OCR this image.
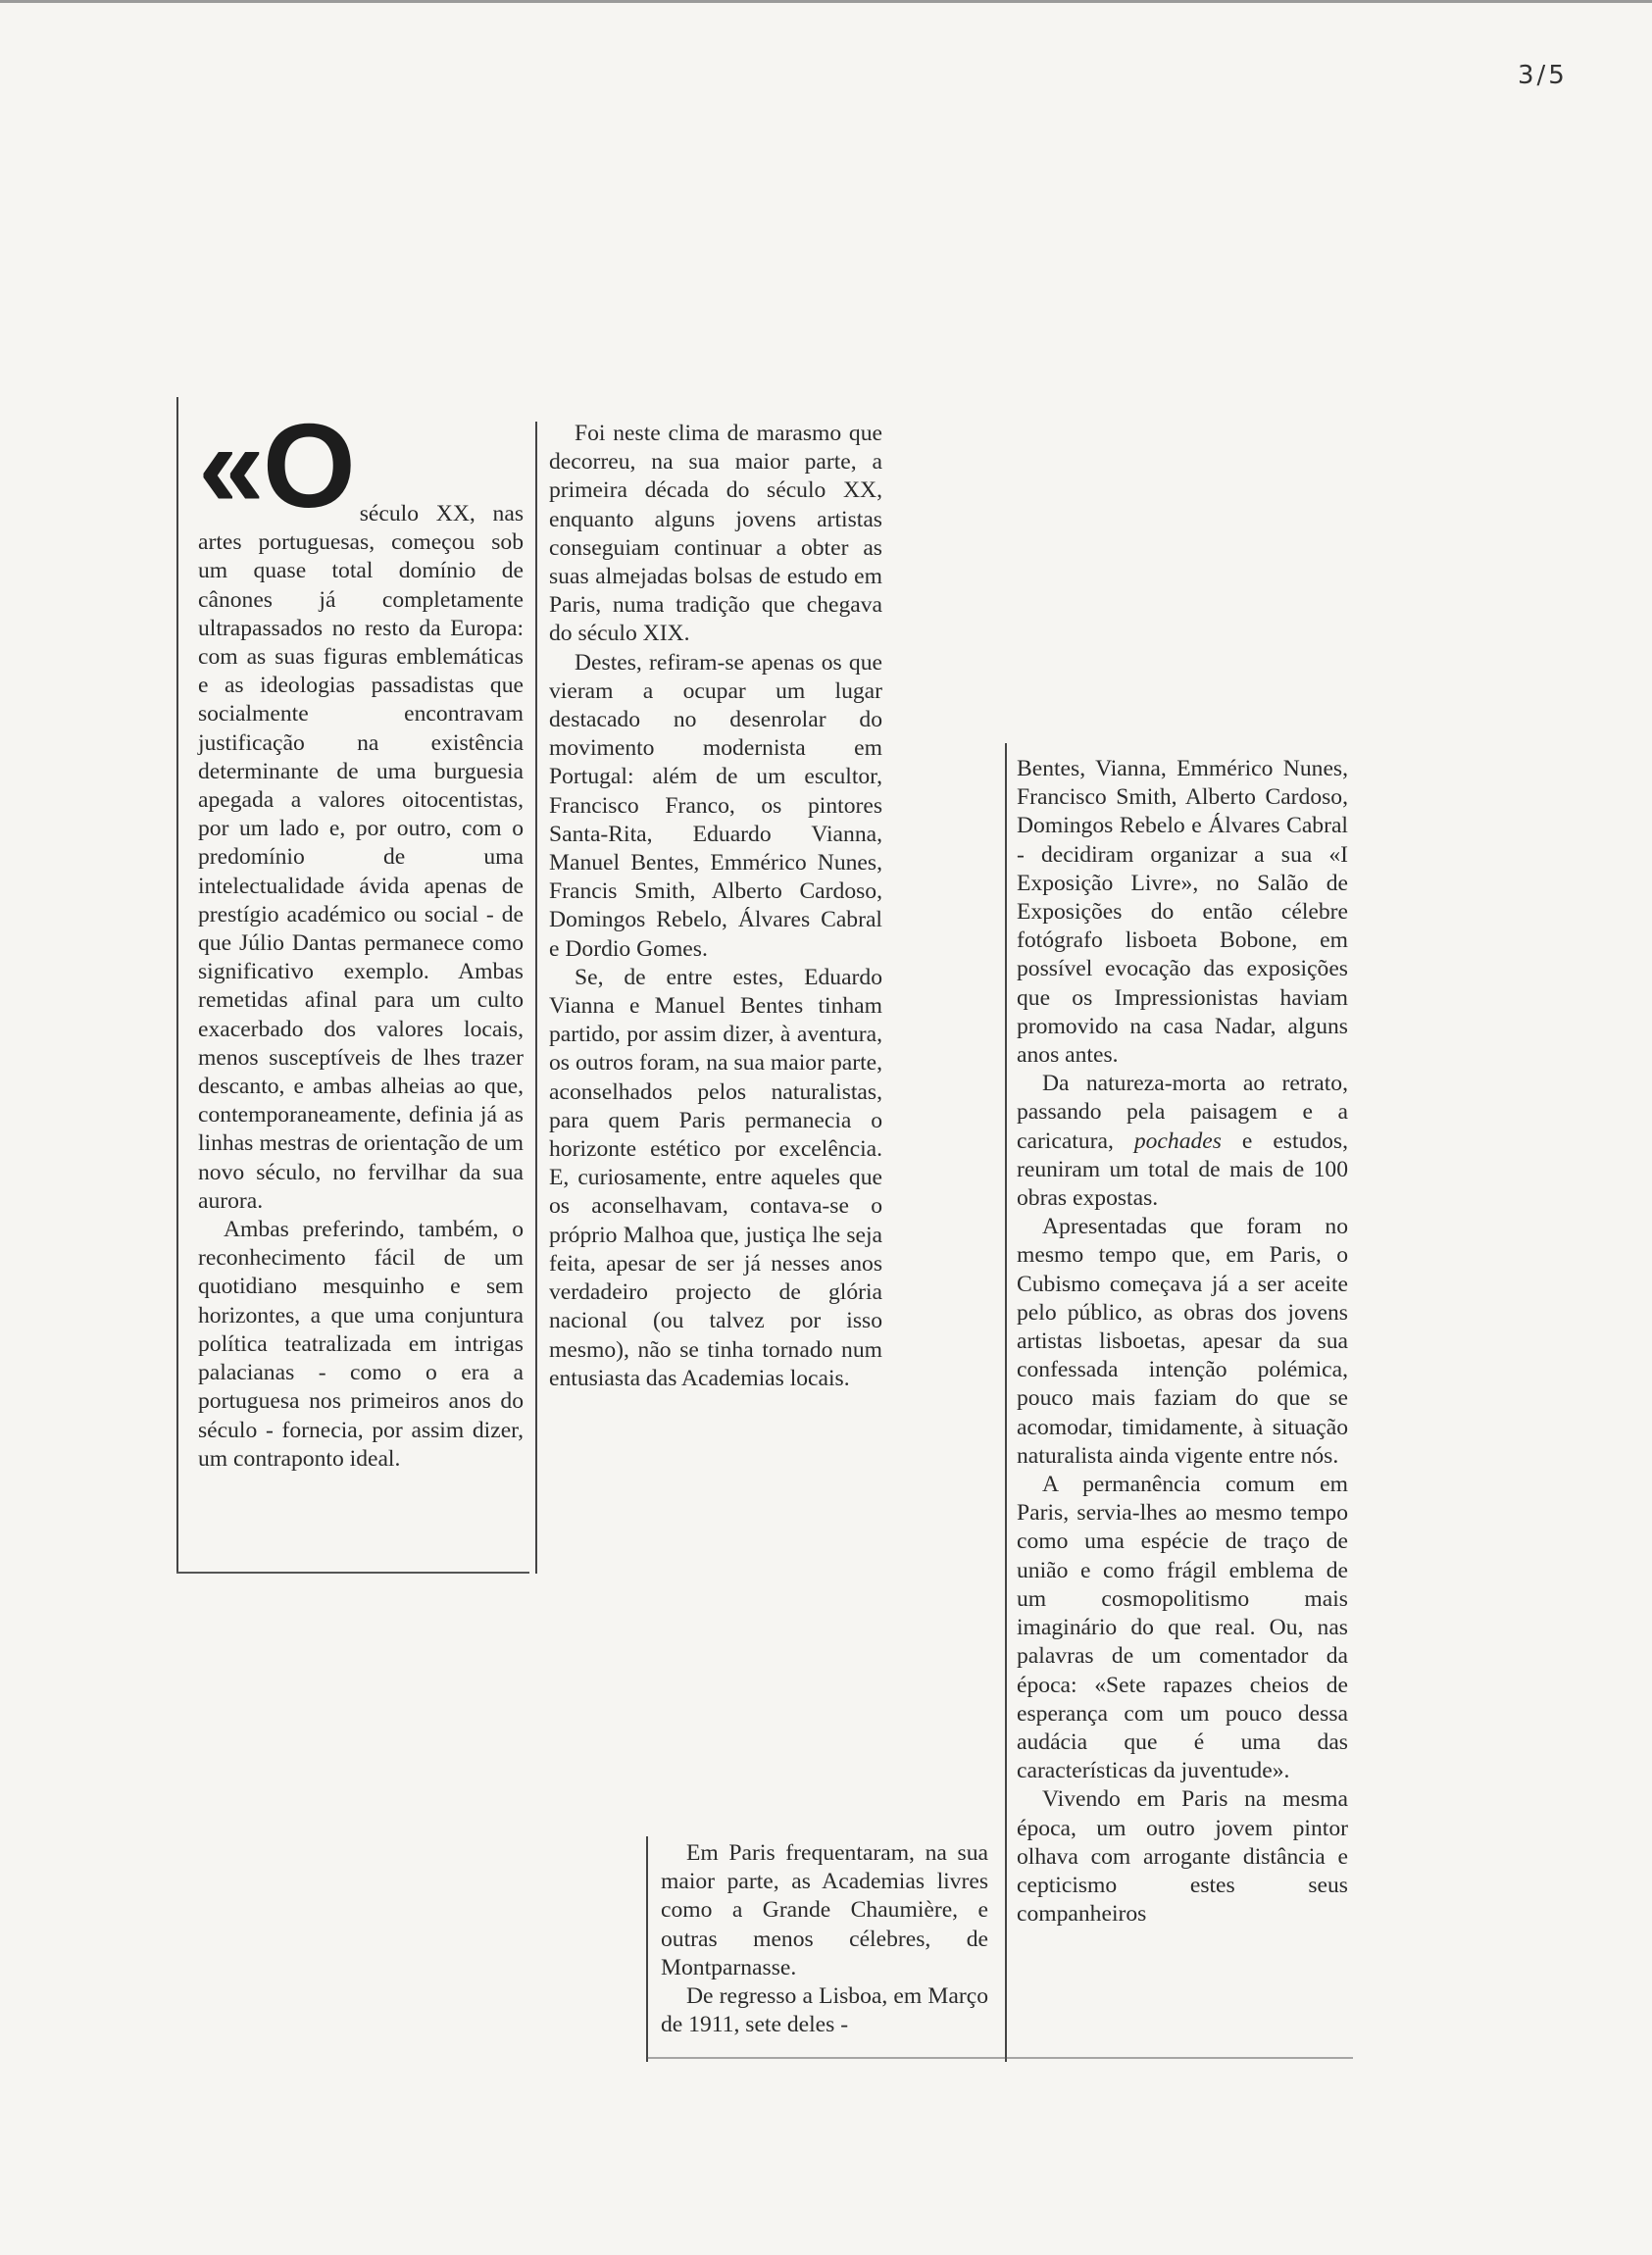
3/5
«O século XX, nas artes portuguesas, começou sob um quase total domínio de cânones já completamente ultrapassados no resto da Europa: com as suas figuras emblemáticas e as ideologias passadistas que socialmente encontravam justificação na existência determinante de uma burguesia apegada a valores oitocentistas, por um lado e, por outro, com o predomínio de uma intelectualidade ávida apenas de prestígio académico ou social - de que Júlio Dantas permanece como significativo exemplo. Ambas remetidas afinal para um culto exacerbado dos valores locais, menos susceptíveis de lhes trazer descanto, e ambas alheias ao que, contemporaneamente, definia já as linhas mestras de orientação de um novo século, no fervilhar da sua aurora.

Ambas preferindo, também, o reconhecimento fácil de um quotidiano mesquinho e sem horizontes, a que uma conjuntura política teatralizada em intrigas palacianas - como o era a portuguesa nos primeiros anos do século - fornecia, por assim dizer, um contraponto ideal.

Foi neste clima de marasmo que decorreu, na sua maior parte, a primeira década do século XX, enquanto alguns jovens artistas conseguiam continuar a obter as suas almejadas bolsas de estudo em Paris, numa tradição que chegava do século XIX.

Destes, refiram-se apenas os que vieram a ocupar um lugar destacado no desenrolar do movimento modernista em Portugal: além de um escultor, Francisco Franco, os pintores Santa-Rita, Eduardo Vianna, Manuel Bentes, Emmérico Nunes, Francis Smith, Alberto Cardoso, Domingos Rebelo, Álvares Cabral e Dordio Gomes.

Se, de entre estes, Eduardo Vianna e Manuel Bentes tinham partido, por assim dizer, à aventura, os outros foram, na sua maior parte, aconselhados pelos naturalistas, para quem Paris permanecia o horizonte estético por excelência. E, curiosamente, entre aqueles que os aconselhavam, contava-se o próprio Malhoa que, justiça lhe seja feita, apesar de ser já nesses anos verdadeiro projecto de glória nacional (ou talvez por isso mesmo), não se tinha tornado num entusiasta das Academias locais.

Em Paris frequentaram, na sua maior parte, as Academias livres como a Grande Chaumière, e outras menos célebres, de Montparnasse.

De regresso a Lisboa, em Março de 1911, sete deles -

Bentes, Vianna, Emmérico Nunes, Francisco Smith, Alberto Cardoso, Domingos Rebelo e Álvares Cabral - decidiram organizar a sua «I Exposição Livre», no Salão de Exposições do então célebre fotógrafo lisboeta Bobone, em possível evocação das exposições que os Impressionistas haviam promovido na casa Nadar, alguns anos antes.

Da natureza-morta ao retrato, passando pela paisagem e a caricatura, pochades e estudos, reuniram um total de mais de 100 obras expostas.

Apresentadas que foram no mesmo tempo que, em Paris, o Cubismo começava já a ser aceite pelo público, as obras dos jovens artistas lisboetas, apesar da sua confessada intenção polémica, pouco mais faziam do que se acomodar, timidamente, à situação naturalista ainda vigente entre nós.

A permanência comum em Paris, servia-lhes ao mesmo tempo como uma espécie de traço de união e como frágil emblema de um cosmopolitismo mais imaginário do que real. Ou, nas palavras de um comentador da época: «Sete rapazes cheios de esperança com um pouco dessa audácia que é uma das características da juventude».

Vivendo em Paris na mesma época, um outro jovem pintor olhava com arrogante distância e cepticismo estes seus companheiros
